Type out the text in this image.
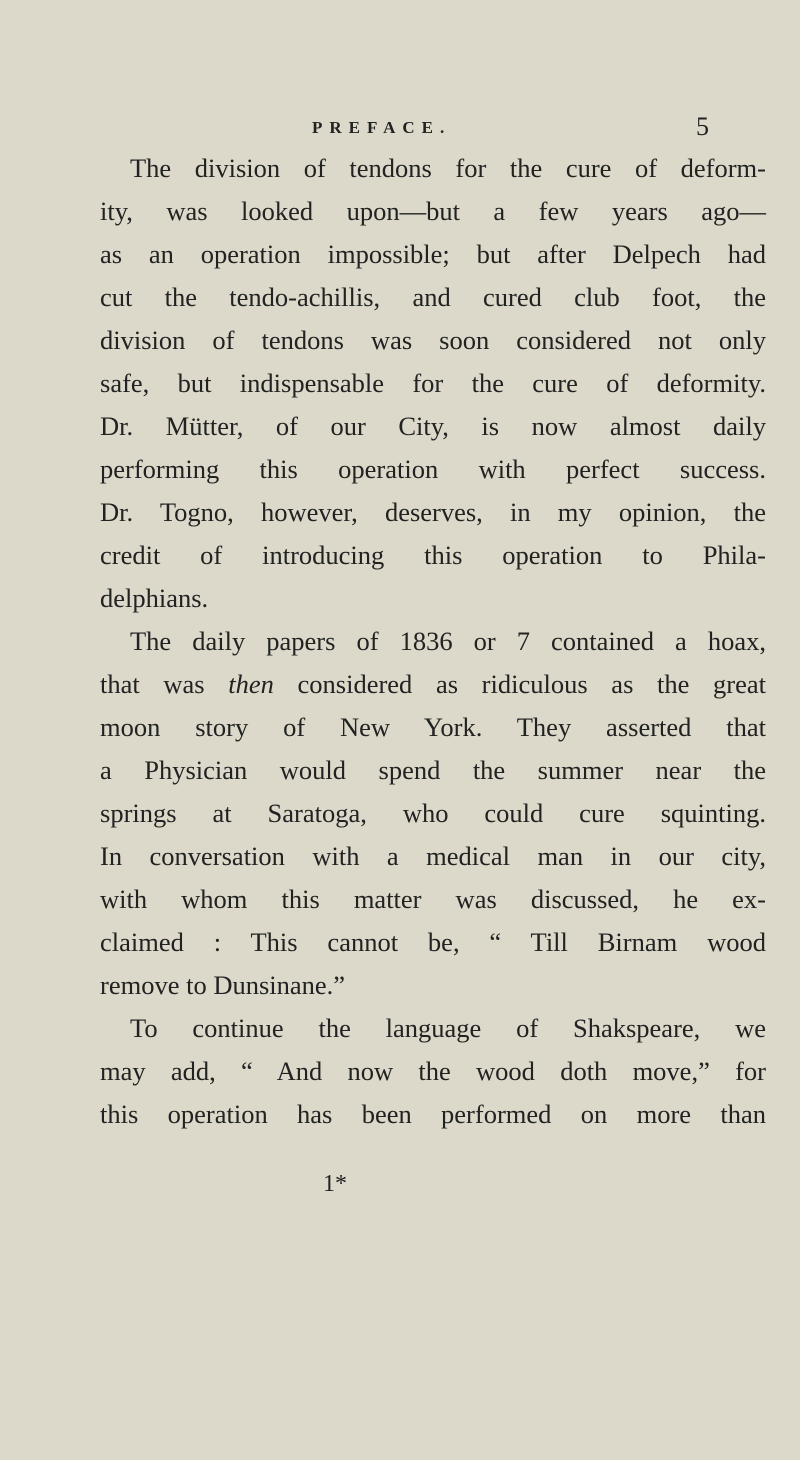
PREFACE.	5
The division of tendons for the cure of deform-
ity, was looked upon—but a few years ago—
as an operation impossible; but after Delpech had
cut the tendo-achillis, and cured club foot, the
division of tendons was soon considered not only
safe, but indispensable for the cure of deformity.
Dr. Mütter, of our City, is now almost daily
performing this operation with perfect success.
Dr. Togno, however, deserves, in my opinion, the
credit of introducing this operation to Phila-
delphians.
The daily papers of 1836 or 7 contained a hoax,
that was then considered as ridiculous as the great
moon story of New York. They asserted that
a Physician would spend the summer near the
springs at Saratoga, who could cure squinting.
In conversation with a medical man in our city,
with whom this matter was discussed, he ex-
claimed : This cannot be, “ Till Birnam wood
remove to Dunsinane.”
To continue the language of Shakspeare, we
may add, “ And now the wood doth move,” for
this operation has been performed on more than
1*
